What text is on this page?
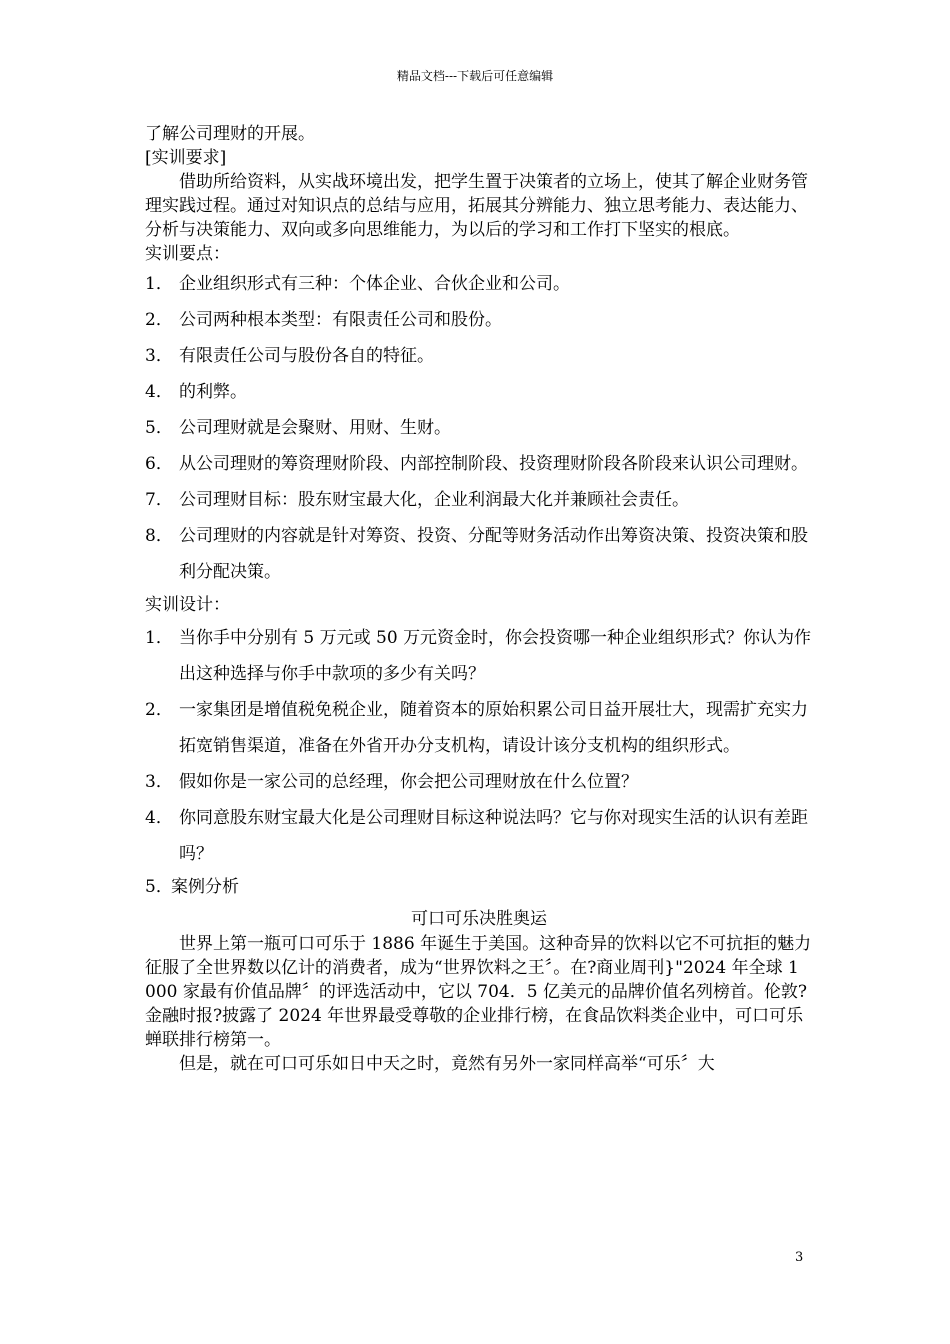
精品文档---下载后可任意编辑

了解公司理财的开展。

[实训要求]

借助所给资料，从实战环境出发，把学生置于决策者的立场上，使其了解企业财务管理实践过程。通过对知识点的总结与应用，拓展其分辨能力、独立思考能力、表达能力、分析与决策能力、双向或多向思维能力，为以后的学习和工作打下坚实的根底。

实训要点：

1． 企业组织形式有三种：个体企业、合伙企业和公司。
2． 公司两种根本类型：有限责任公司和股份。
3． 有限责任公司与股份各自的特征。
4． 的利弊。
5． 公司理财就是会聚财、用财、生财。
6． 从公司理财的筹资理财阶段、内部控制阶段、投资理财阶段各阶段来认识公司理财。
7． 公司理财目标：股东财宝最大化，企业利润最大化并兼顾社会责任。
8． 公司理财的内容就是针对筹资、投资、分配等财务活动作出筹资决策、投资决策和股利分配决策。

实训设计：

1． 当你手中分别有 5 万元或 50 万元资金时，你会投资哪一种企业组织形式？你认为作出这种选择与你手中款项的多少有关吗？
2． 一家集团是增值税免税企业，随着资本的原始积累公司日益开展壮大，现需扩充实力拓宽销售渠道，准备在外省开办分支机构，请设计该分支机构的组织形式。
3． 假如你是一家公司的总经理，你会把公司理财放在什么位置？
4． 你同意股东财宝最大化是公司理财目标这种说法吗？它与你对现实生活的认识有差距吗？
5．
案例分析

可口可乐决胜奥运

世界上第一瓶可口可乐于 1886 年诞生于美国。这种奇异的饮料以它不可抗拒的魅力征服了全世界数以亿计的消费者，成为“世界饮料之王〞。在?商业周刊}"2024 年全球 1 000 家最有价值品牌〞的评选活动中，它以 704．5 亿美元的品牌价值名列榜首。伦敦?金融时报?披露了 2024 年世界最受尊敬的企业排行榜，在食品饮料类企业中，可口可乐蝉联排行榜第一。

但是，就在可口可乐如日中天之时，竟然有另外一家同样高举“可乐〞大

3
